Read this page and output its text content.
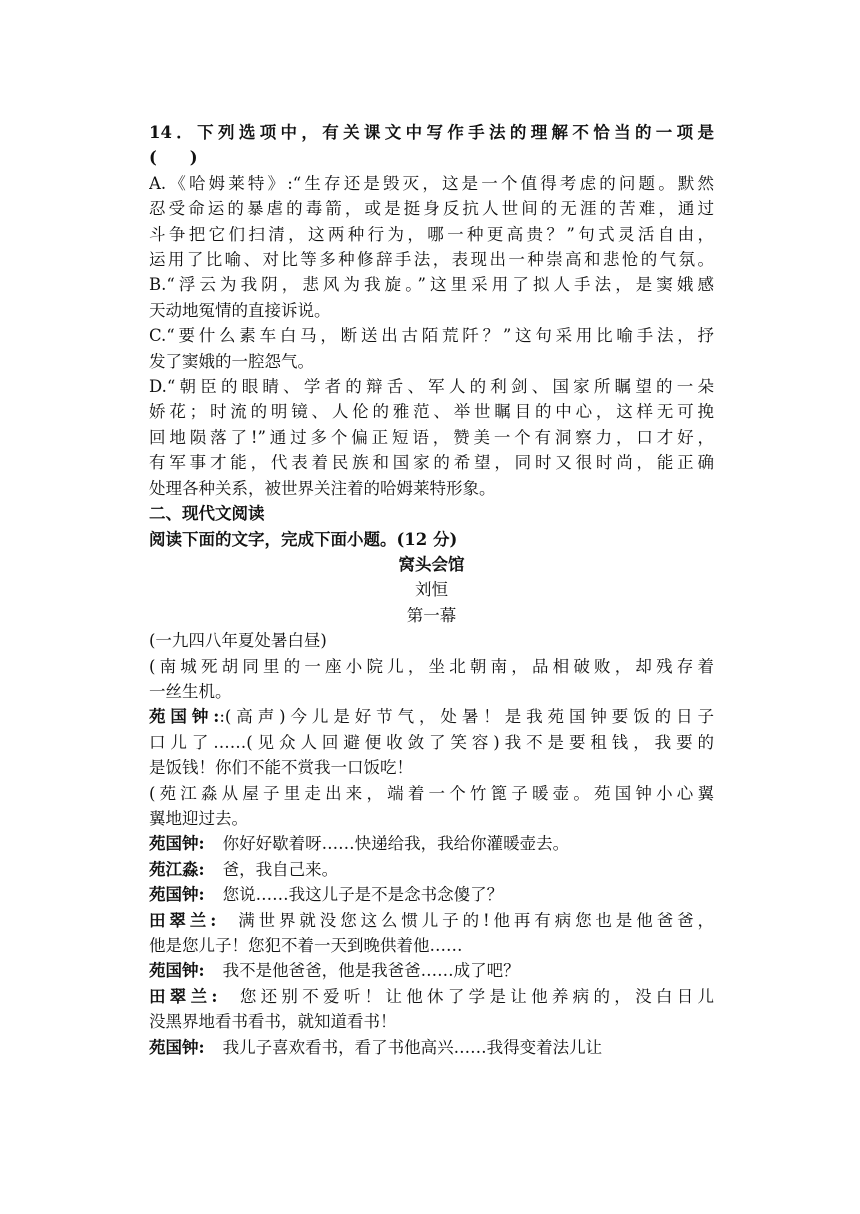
14．下列选项中，有关课文中写作手法的理解不恰当的一项是
(　　)
A.《哈姆莱特》:“生存还是毁灭，这是一个值得考虑的问题。默然
忍受命运的暴虐的毒箭，或是挺身反抗人世间的无涯的苦难，通过
斗争把它们扫清，这两种行为，哪一种更高贵？”句式灵活自由，
运用了比喻、对比等多种修辞手法，表现出一种崇高和悲怆的气氛。
B.“浮云为我阴，悲风为我旋。”这里采用了拟人手法，是窦娥感
天动地冤情的直接诉说。
C.“要什么素车白马，断送出古陌荒阡？”这句采用比喻手法，抒
发了窦娥的一腔怨气。
D.“朝臣的眼睛、学者的辩舌、军人的利剑、国家所瞩望的一朵
娇花；时流的明镜、人伦的雅范、举世瞩目的中心，这样无可挽
回地陨落了!”通过多个偏正短语，赞美一个有洞察力，口才好，
有军事才能，代表着民族和国家的希望，同时又很时尚，能正确
处理各种关系，被世界关注着的哈姆莱特形象。
二、现代文阅读
阅读下面的文字，完成下面小题。(12 分)
窝头会馆
刘恒
第一幕
(一九四八年夏处暑白昼)
(南城死胡同里的一座小院儿，坐北朝南，品相破败，却残存着
一丝生机。
苑国钟::(高声)今儿是好节气，处暑！是我苑国钟要饭的日子
口儿了……(见众人回避便收敛了笑容)我不是要租钱，我要的
是饭钱！你们不能不赏我一口饭吃！
(苑江淼从屋子里走出来，端着一个竹篦子暖壶。苑国钟小心翼
翼地迎过去。
苑国钟: 你好好歇着呀……快递给我，我给你灌暖壶去。
苑江淼: 爸，我自己来。
苑国钟: 您说……我这儿子是不是念书念傻了？
田翠兰: 满世界就没您这么惯儿子的!他再有病您也是他爸爸，
他是您儿子！您犯不着一天到晚供着他……
苑国钟: 我不是他爸爸，他是我爸爸……成了吧？
田翠兰: 您还别不爱听！让他休了学是让他养病的，没白日儿
没黑界地看书看书，就知道看书！
苑国钟: 我儿子喜欢看书，看了书他高兴……我得变着法儿让
